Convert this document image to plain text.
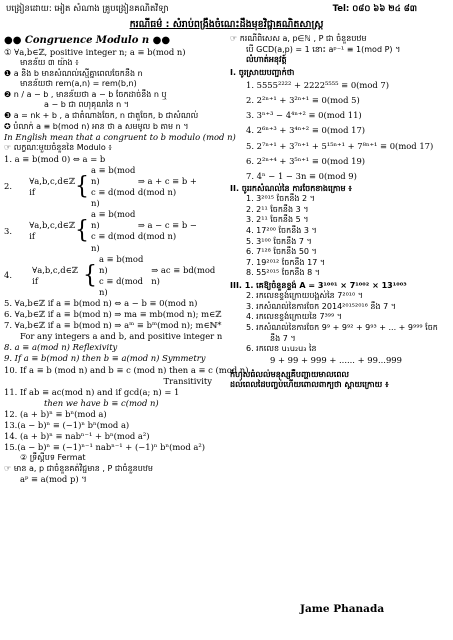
បង្រៀនដោយ: អៀត សំណាង គ្រូបង្រៀនគណិតវិទ្យា	Tel: ០៨០ ៦៦ ២៤ ៨៣
ករណីធម៌ : សំរាប់ពង្រឹងចំណេះដឹងមុខវិជ្ជាគណិតសាស្ត្រ
●● Congruence Modulo n ●●
① ∀a,b∈ℤ, positive integer n; a ≡ b(mod n)
មានន័យ ៣ យ៉ាង ៖
❶ a និង b មានសំណល់ស្មើគ្នាពេលចែកនឹង n
មានន័យថា rem(a,n) = rem(b,n)
❷ n / a − b , មានន័យថា a − b ចែកដាច់នឹង n ឬ
a − b ជា ពហុគុណនៃ n ។
❸ a = nk + b , a ជាតំណាងចែក, n ជាតួចែក, b ជាសំណល់
✪ បំលាក់ a ≡ b(mod n) អាន ថា a សមមូល b តាម n ។
In English mean that a congruent to b modulo (mod n)
☞ លក្ខណៈមួយចំនួននៃ Modulo ៖
1. a ≡ b(mod 0) ⇔ a = b
2.
∀a,b,c,d∈ℤ if	{
a ≡ b(mod n)
c ≡ d(mod n)
⇒ a + c ≡ b + d(mod n)
3.
∀a,b,c,d∈ℤ if	{
a ≡ b(mod n)
c ≡ d(mod n)
⇒ a − c ≡ b − d(mod n)
4.
∀a,b,c,d∈ℤ if	{
a ≡ b(mod n)
c ≡ d(mod n)
⇒ ac ≡ bd(mod n)
5. ∀a,b∈ℤ if a ≡ b(mod n) ⇔ a − b ≡ 0(mod n)
6. ∀a,b∈ℤ if a ≡ b(mod n) ⇒ ma ≡ mb(mod n); m∈ℤ
7. ∀a,b∈ℤ if a ≡ b(mod n) ⇒ aᵐ ≡ bᵐ(mod n); m∈ℕ*
For any integers a and b, and positive integer n
8. a ≡ a(mod n) Reflexivity
9. If a ≡ b(mod n) then b ≡ a(mod n) Symmetry
10. If a ≡ b (mod n) and b ≡ c (mod n) then a ≡ c (mod n)
Transitivity
11. If ab ≡ ac(mod n) and if gcd(a; n) = 1
then we have b ≡ c(mod n)
12. (a + b)ⁿ ≡ bⁿ(mod a)
13.(a − b)ⁿ ≡ (−1)ⁿ bⁿ(mod a)
14. (a + b)ⁿ ≡ nabⁿ⁻¹ + bⁿ(mod a²)
15.(a − b)ⁿ ≡ (−1)ⁿ⁻¹ nabⁿ⁻¹ + (−1)ⁿ bⁿ(mod a²)
② ទ្រឹស្តីបទ Fermat
☞ មាន a, p ជាចំនួនគត់វិជ្ជមាន , P ជាចំនួនបឋម
aᵖ ≡ a(mod p) ។
☞ ករណីពិសេស a, p∈ℕ , P ជា ចំនួនបឋម
បើ GCD(a,p) = 1 នោះ aᵖ⁻¹ ≡ 1(mod P) ។
លំហាត់អនុវត្ត៍
I. ចូរស្រាយបញ្ជាក់ថា
1. 5555²²²² + 2222⁵⁵⁵⁵ ≡ 0(mod 7)
2. 2²ⁿ⁺¹ + 3²ⁿ⁺¹ ≡ 0(mod 5)
3. 3ⁿ⁺³ − 4⁴ⁿ⁺² ≡ 0(mod 11)
4. 2⁶ⁿ⁺³ + 3⁴ⁿ⁺² ≡ 0(mod 17)
5. 2⁷ⁿ⁺¹ + 3⁷ⁿ⁺¹ + 5¹⁵ⁿ⁺¹ + 7⁸ⁿ⁺¹ ≡ 0(mod 17)
6. 2²ⁿ⁺⁴ + 3⁵ⁿ⁺¹ ≡ 0(mod 19)
7. 4ⁿ − 1 − 3n ≡ 0(mod 9)
II. ចូររកសំណល់នៃ ការចែកខាងក្រោម ៖
1. 3²⁰¹⁵ ចែកនឹង 2 ។
2. 2¹¹ ចែកនឹង 3 ។
3. 2¹¹ ចែកនឹង 5 ។
4. 17²⁰⁰ ចែកនឹង 3 ។
5. 3¹⁰⁰ ចែកនឹង 7 ។
6. 7¹²⁸ ចែកនឹង 50 ។
7. 19²⁰¹² ចែកនឹង 17 ។
8. 55²⁰¹⁵ ចែកនឹង 8 ។
III. 1. គេឱ្យចំនួនខ្ទង់ A = 3¹⁰⁰¹ × 7¹⁰⁰² × 13¹⁰⁰³
2. រកលេខខ្ទង់ក្រោយបង្អស់នៃ 7²⁰¹⁰ ។
3. រកសំណល់នៃការចែក 2014²⁰¹⁵²⁰¹⁶ នឹង 7 ។
4. រកលេខខ្ទង់ក្រោយនៃ 7³⁹⁹ ។
5. រកសំណល់នៃការចែក 9⁹ + 9⁹² + 9⁹³ + ... + 9⁹⁹⁹ ចែក
នឹង 7 ។
6. រកលេខ u₁u₂u₃ នៃ
9 + 99 + 999 + ...... + 99...999
កំហុសធំលល់មនុស្សគឺបញ្ហាយមាលពេល
ដល់ពេលដៃបញ្ចប់ហើយពោលពាក្យថា ស្តាយក្រោយ ៖
Jame Phanada
